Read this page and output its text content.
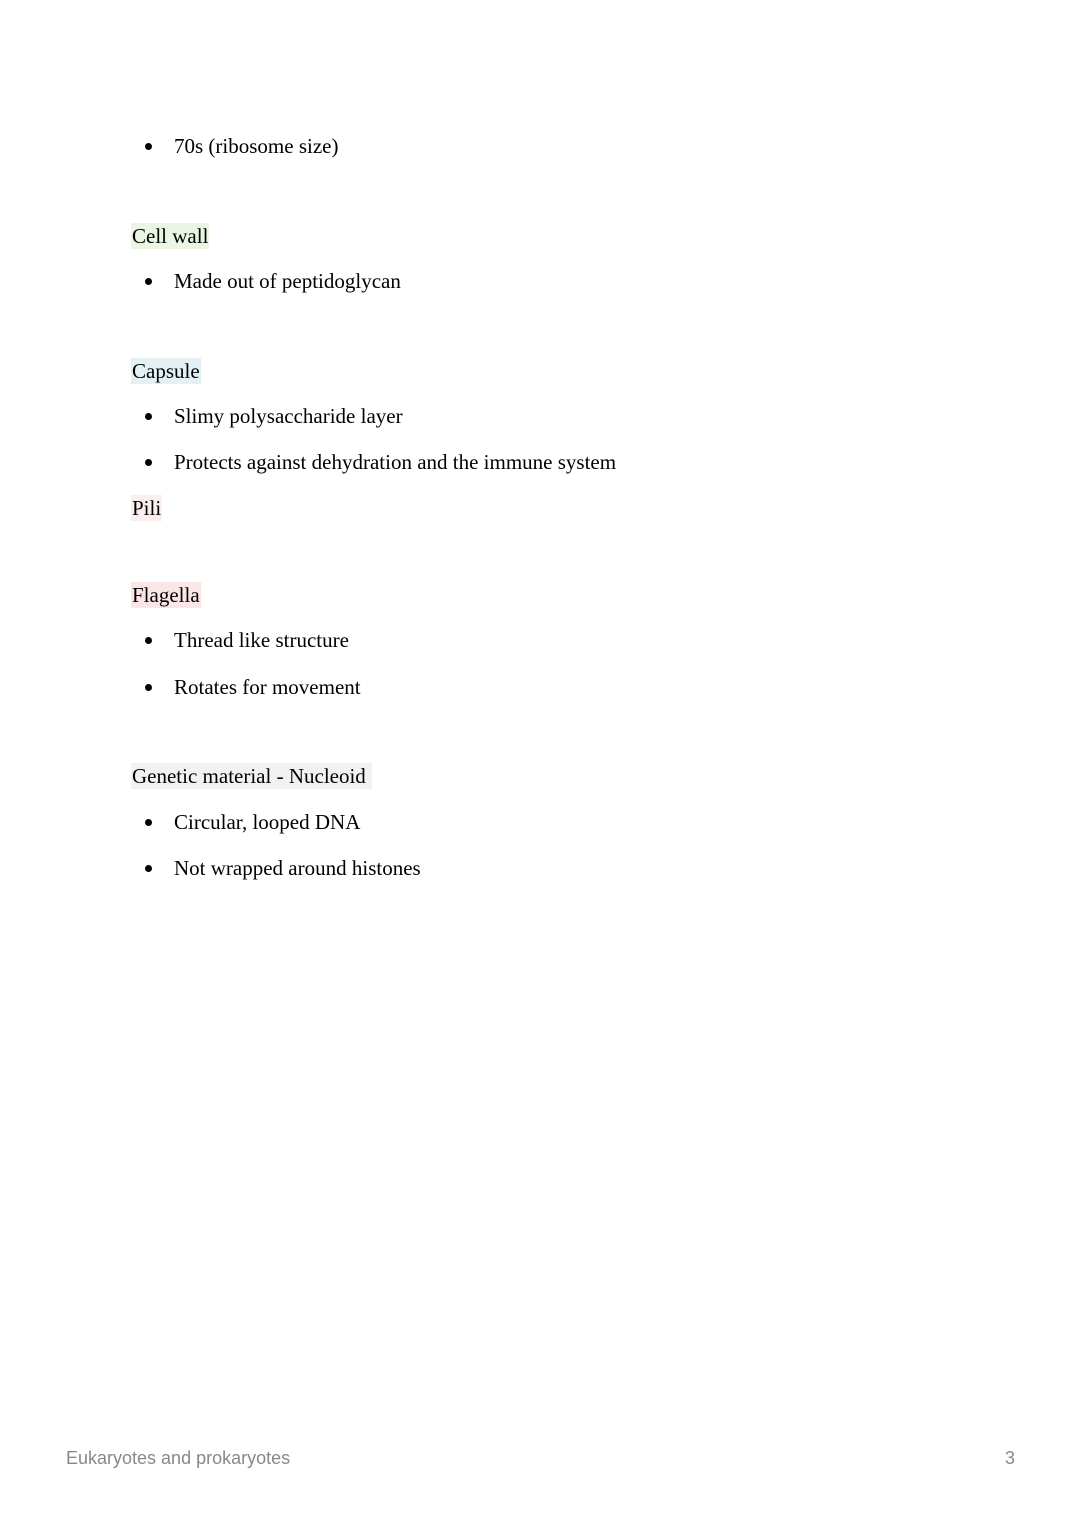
70s (ribosome size)
Cell wall
Made out of peptidoglycan
Capsule
Slimy polysaccharide layer
Protects against dehydration and the immune system
Pili
Flagella
Thread like structure
Rotates for movement
Genetic material - Nucleoid
Circular, looped DNA
Not wrapped around histones
Eukaryotes and prokaryotes	3
